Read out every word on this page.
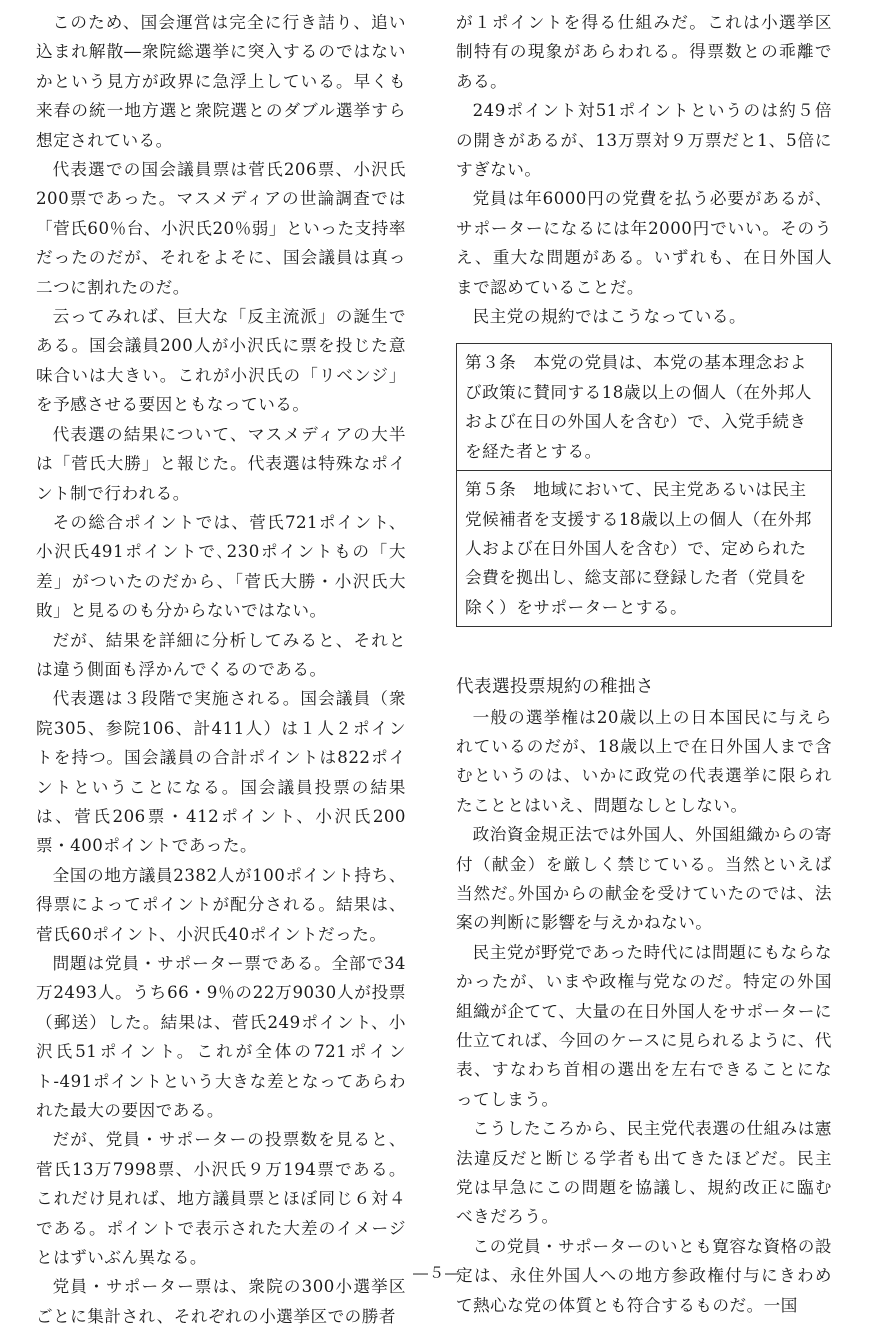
このため、国会運営は完全に行き詰り、追い込まれ解散―衆院総選挙に突入するのではないかという見方が政界に急浮上している。早くも来春の統一地方選と衆院選とのダブル選挙すら想定されている。

代表選での国会議員票は菅氏206票、小沢氏200票であった。マスメディアの世論調査では「菅氏60％台、小沢氏20％弱」といった支持率だったのだが、それをよそに、国会議員は真っ二つに割れたのだ。

云ってみれば、巨大な「反主流派」の誕生である。国会議員200人が小沢氏に票を投じた意味合いは大きい。これが小沢氏の「リベンジ」を予感させる要因ともなっている。

代表選の結果について、マスメディアの大半は「菅氏大勝」と報じた。代表選は特殊なポイント制で行われる。

その総合ポイントでは、菅氏721ポイント、小沢氏491ポイントで､230ポイントもの「大差」がついたのだから、「菅氏大勝・小沢氏大敗」と見るのも分からないではない。

だが、結果を詳細に分析してみると、それとは違う側面も浮かんでくるのである。

代表選は３段階で実施される。国会議員（衆院305、参院106、計411人）は１人２ポイントを持つ。国会議員の合計ポイントは822ポイントということになる。国会議員投票の結果は、菅氏206票・412ポイント、小沢氏200票・400ポイントであった。

全国の地方議員2382人が100ポイント持ち、得票によってポイントが配分される。結果は、菅氏60ポイント、小沢氏40ポイントだった。

問題は党員・サポーター票である。全部で34万2493人。うち66・9％の22万9030人が投票（郵送）した。結果は、菅氏249ポイント、小沢氏51ポイント。これが全体の721ポイント-491ポイントという大きな差となってあらわれた最大の要因である。

だが、党員・サポーターの投票数を見ると、菅氏13万7998票、小沢氏９万194票である。これだけ見れば、地方議員票とほぼ同じ６対４である。ポイントで表示された大差のイメージとはずいぶん異なる。

党員・サポーター票は、衆院の300小選挙区ごとに集計され、それぞれの小選挙区での勝者

が１ポイントを得る仕組みだ。これは小選挙区制特有の現象があらわれる。得票数との乖離である。

249ポイント対51ポイントというのは約５倍の開きがあるが、13万票対９万票だと1、5倍にすぎない。

党員は年6000円の党費を払う必要があるが、サポーターになるには年2000円でいい。そのうえ、重大な問題がある。いずれも、在日外国人まで認めていることだ。

民主党の規約ではこうなっている。

第３条　本党の党員は、本党の基本理念および政策に賛同する18歳以上の個人（在外邦人および在日の外国人を含む）で、入党手続きを経た者とする。
第５条　地域において、民主党あるいは民主党候補者を支援する18歳以上の個人（在外邦人および在日外国人を含む）で、定められた会費を拠出し、総支部に登録した者（党員を除く）をサポーターとする。
代表選投票規約の稚拙さ

一般の選挙権は20歳以上の日本国民に与えられているのだが、18歳以上で在日外国人まで含むというのは、いかに政党の代表選挙に限られたこととはいえ、問題なしとしない。

政治資金規正法では外国人、外国組織からの寄付（献金）を厳しく禁じている。当然といえば当然だ｡外国からの献金を受けていたのでは、法案の判断に影響を与えかねない。

民主党が野党であった時代には問題にもならなかったが、いまや政権与党なのだ。特定の外国組織が企てて、大量の在日外国人をサポーターに仕立てれば、今回のケースに見られるように、代表、すなわち首相の選出を左右できることになってしまう。

こうしたころから、民主党代表選の仕組みは憲法違反だと断じる学者も出てきたほどだ。民主党は早急にこの問題を協議し、規約改正に臨むべきだろう。

この党員・サポーターのいとも寛容な資格の設定は、永住外国人への地方参政権付与にきわめて熱心な党の体質とも符合するものだ。一国

―５―
